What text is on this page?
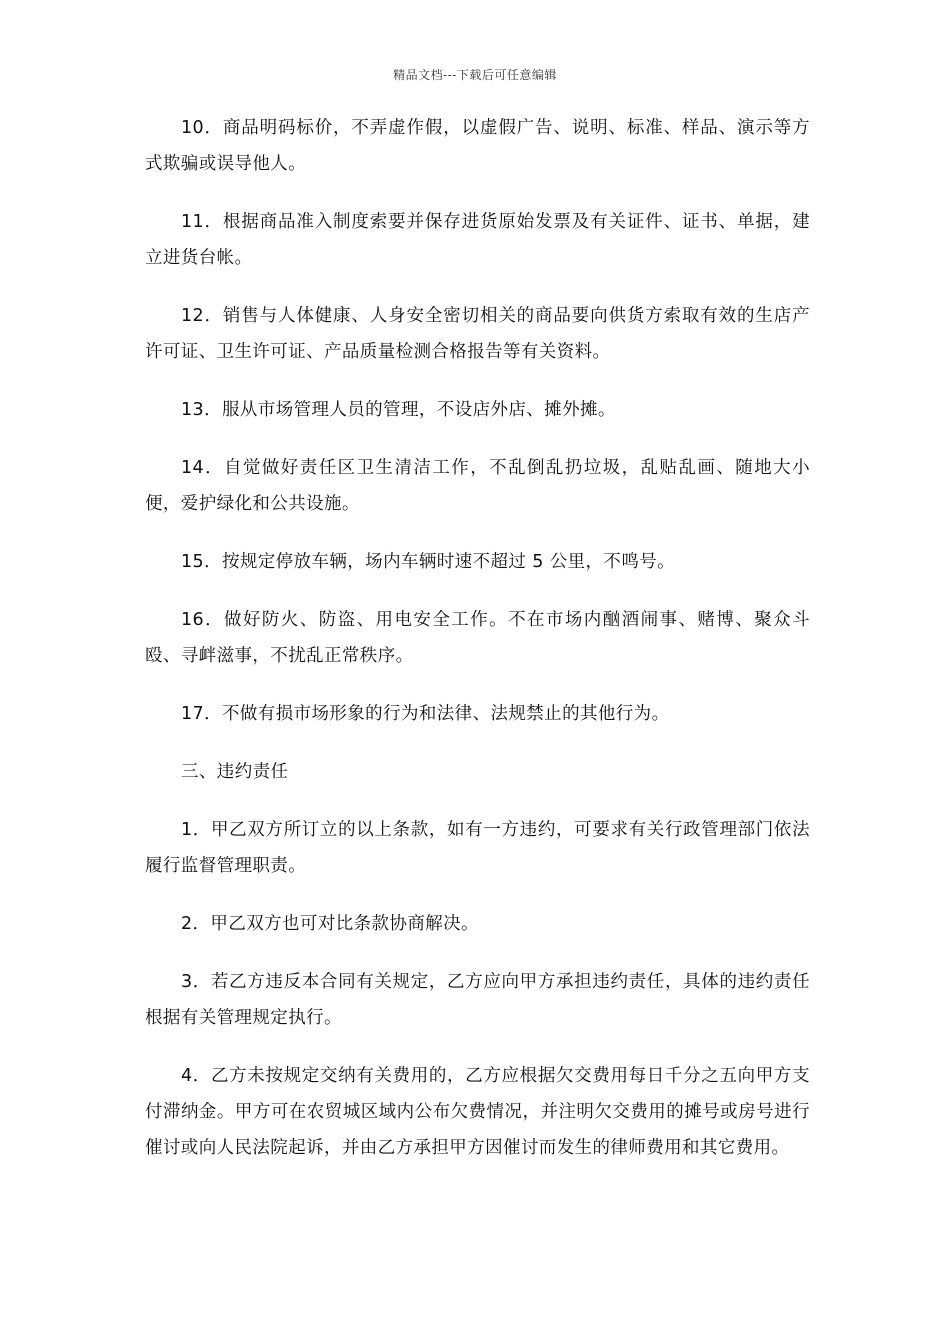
精品文档---下载后可任意编辑

10．商品明码标价，不弄虚作假，以虚假广告、说明、标准、样品、演示等方式欺骗或误导他人。

11．根据商品准入制度索要并保存进货原始发票及有关证件、证书、单据，建立进货台帐。

12．销售与人体健康、人身安全密切相关的商品要向供货方索取有效的生店产许可证、卫生许可证、产品质量检测合格报告等有关资料。

13．服从市场管理人员的管理，不设店外店、摊外摊。

14．自觉做好责任区卫生清洁工作，不乱倒乱扔垃圾，乱贴乱画、随地大小便，爱护绿化和公共设施。

15．按规定停放车辆，场内车辆时速不超过 5 公里，不鸣号。

16．做好防火、防盗、用电安全工作。不在市场内酗酒闹事、赌博、聚众斗殴、寻衅滋事，不扰乱正常秩序。

17．不做有损市场形象的行为和法律、法规禁止的其他行为。

三、违约责任

1．甲乙双方所订立的以上条款，如有一方违约，可要求有关行政管理部门依法履行监督管理职责。

2．甲乙双方也可对比条款协商解决。

3．若乙方违反本合同有关规定，乙方应向甲方承担违约责任，具体的违约责任根据有关管理规定执行。

4．乙方未按规定交纳有关费用的，乙方应根据欠交费用每日千分之五向甲方支付滞纳金。甲方可在农贸城区域内公布欠费情况，并注明欠交费用的摊号或房号进行催讨或向人民法院起诉，并由乙方承担甲方因催讨而发生的律师费用和其它费用。
